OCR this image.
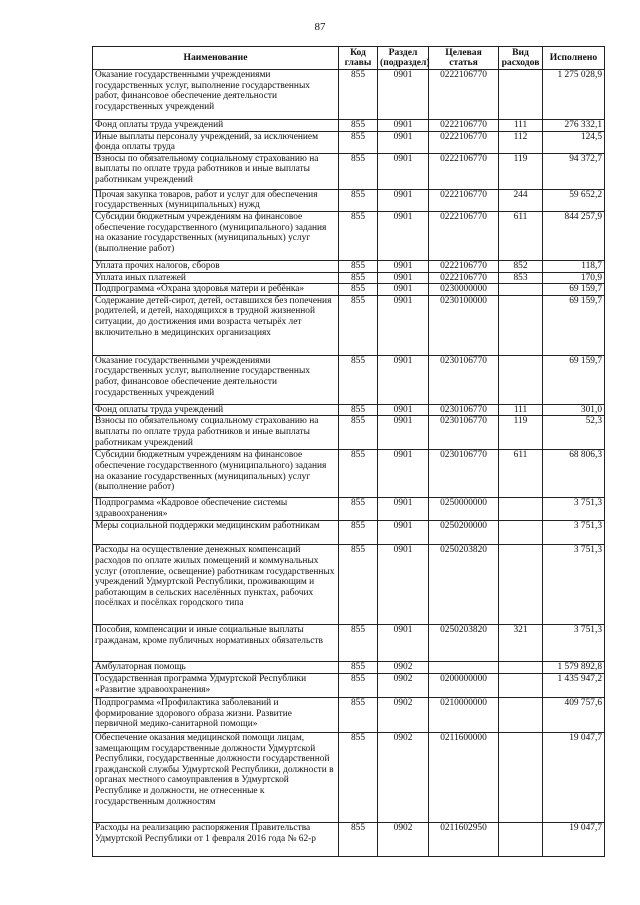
87
Наименование	Код главы	Раздел (подраздел)	Целевая статья	Вид расходов	Исполнено
Оказание государственными учреждениями государственных услуг, выполнение государственных работ, финансовое обеспечение деятельности государственных учреждений	855	0901	0222106770		1 275 028,9
Фонд оплаты труда учреждений	855	0901	0222106770	111	276 332,1
Иные выплаты персоналу учреждений, за исключением фонда оплаты труда	855	0901	0222106770	112	124,5
Взносы по обязательному социальному страхованию на выплаты по оплате труда работников и иные выплаты работникам учреждений	855	0901	0222106770	119	94 372,7
Прочая закупка товаров, работ и услуг для обеспечения государственных (муниципальных) нужд	855	0901	0222106770	244	59 652,2
Субсидии бюджетным учреждениям на финансовое обеспечение государственного (муниципального) задания на оказание государственных (муниципальных) услуг (выполнение работ)	855	0901	0222106770	611	844 257,9
Уплата прочих налогов, сборов	855	0901	0222106770	852	118,7
Уплата иных платежей	855	0901	0222106770	853	170,9
Подпрограмма «Охрана здоровья матери и ребёнка»	855	0901	0230000000		69 159,7
Содержание детей-сирот, детей, оставшихся без попечения родителей, и детей, находящихся в трудной жизненной ситуации, до достижения ими возраста четырёх лет включительно в медицинских организациях	855	0901	0230100000		69 159,7
Оказание государственными учреждениями государственных услуг, выполнение государственных работ, финансовое обеспечение деятельности государственных учреждений	855	0901	0230106770		69 159,7
Фонд оплаты труда учреждений	855	0901	0230106770	111	301,0
Взносы по обязательному социальному страхованию на выплаты по оплате труда работников и иные выплаты работникам учреждений	855	0901	0230106770	119	52,3
Субсидии бюджетным учреждениям на финансовое обеспечение государственного (муниципального) задания на оказание государственных (муниципальных) услуг (выполнение работ)	855	0901	0230106770	611	68 806,3
Подпрограмма «Кадровое обеспечение системы здравоохранения»	855	0901	0250000000		3 751,3
Меры социальной поддержки медицинским работникам	855	0901	0250200000		3 751,3
Расходы на осуществление денежных компенсаций расходов по оплате жилых помещений и коммунальных услуг (отопление, освещение) работникам государственных учреждений Удмуртской Республики, проживающим и работающим в сельских населённых пунктах, рабочих посёлках и посёлках городского типа	855	0901	0250203820		3 751,3
Пособия, компенсации и иные социальные выплаты гражданам, кроме публичных нормативных обязательств	855	0901	0250203820	321	3 751,3
Амбулаторная помощь	855	0902			1 579 892,8
Государственная программа Удмуртской Республики «Развитие здравоохранения»	855	0902	0200000000		1 435 947,2
Подпрограмма «Профилактика заболеваний и формирование здорового образа жизни. Развитие первичной медико-санитарной помощи»	855	0902	0210000000		409 757,6
Обеспечение оказания медицинской помощи лицам, замещающим государственные должности Удмуртской Республики, государственные должности государственной гражданской службы Удмуртской Республики, должности в органах местного самоуправления в Удмуртской Республике и должности, не отнесенные к государственным должностям	855	0902	0211600000		19 047,7
Расходы на реализацию распоряжения Правительства Удмуртской Республики от 1 февраля 2016 года № 62-р	855	0902	0211602950		19 047,7
